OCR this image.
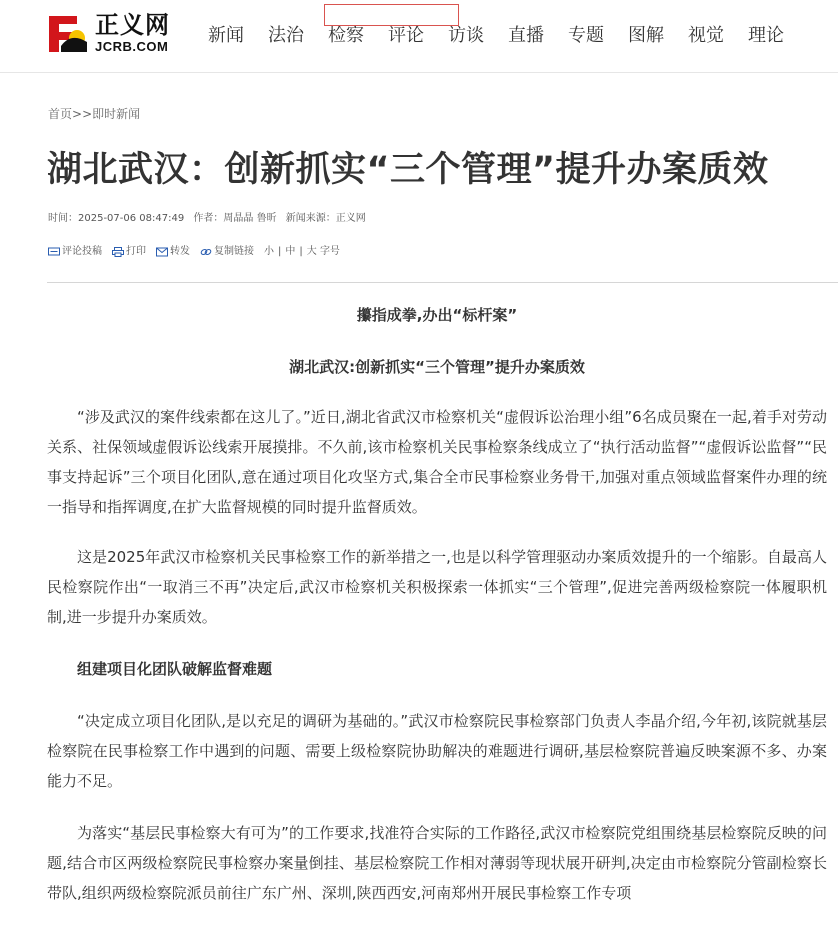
正义网
JCRB.COM
新闻 法治 检察 评论 访谈 直播 专题 图解 视觉 理论
首页>>即时新闻
湖北武汉：创新抓实“三个管理”提升办案质效
时间：2025-07-06 08:47:49 作者：周晶晶 鲁昕 新闻来源：正义网
评论投稿 打印 转发 复制链接 小 | 中 | 大 字号

攥指成拳,办出“标杆案”

湖北武汉:创新抓实“三个管理”提升办案质效

“涉及武汉的案件线索都在这儿了。”近日,湖北省武汉市检察机关“虚假诉讼治理小组”6名成员聚在一起,着手对劳动关系、社保领域虚假诉讼线索开展摸排。不久前,该市检察机关民事检察条线成立了“执行活动监督”“虚假诉讼监督”“民事支持起诉”三个项目化团队,意在通过项目化攻坚方式,集合全市民事检察业务骨干,加强对重点领域监督案件办理的统一指导和指挥调度,在扩大监督规模的同时提升监督质效。

这是2025年武汉市检察机关民事检察工作的新举措之一,也是以科学管理驱动办案质效提升的一个缩影。自最高人民检察院作出“一取消三不再”决定后,武汉市检察机关积极探索一体抓实“三个管理”,促进完善两级检察院一体履职机制,进一步提升办案质效。

组建项目化团队破解监督难题

“决定成立项目化团队,是以充足的调研为基础的。”武汉市检察院民事检察部门负责人李晶介绍,今年初,该院就基层检察院在民事检察工作中遇到的问题、需要上级检察院协助解决的难题进行调研,基层检察院普遍反映案源不多、办案能力不足。

为落实“基层民事检察大有可为”的工作要求,找准符合实际的工作路径,武汉市检察院党组围绕基层检察院反映的问题,结合市区两级检察院民事检察办案量倒挂、基层检察院工作相对薄弱等现状展开研判,决定由市检察院分管副检察长带队,组织两级检察院派员前往广东广州、深圳,陕西西安,河南郑州开展民事检察工作专项
